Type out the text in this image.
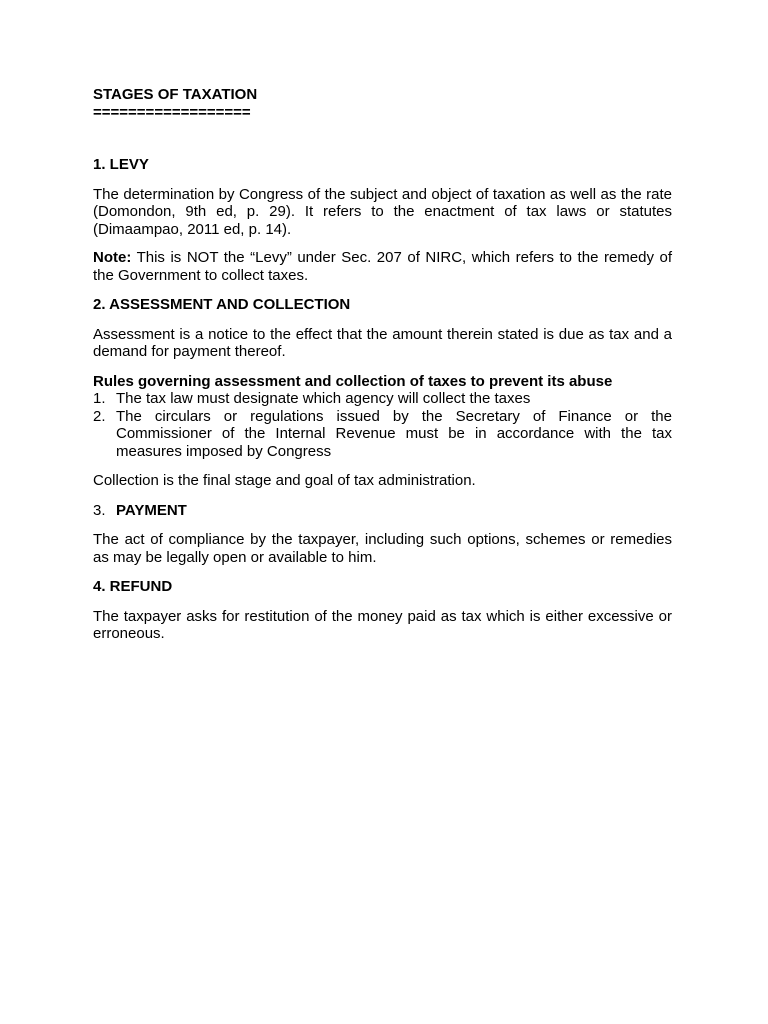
STAGES OF TAXATION

==================

1. LEVY

The determination by Congress of the subject and object of taxation as well as the rate (Domondon, 9th ed, p. 29). It refers to the enactment of tax laws or statutes (Dimaampao, 2011 ed, p. 14).

Note: This is NOT the “Levy” under Sec. 207 of NIRC, which refers to the remedy of the Government to collect taxes.

2. ASSESSMENT AND COLLECTION

Assessment is a notice to the effect that the amount therein stated is due as tax and a demand for payment thereof.

Rules governing assessment and collection of taxes to prevent its abuse

1. The tax law must designate which agency will collect the taxes
2. The circulars or regulations issued by the Secretary of Finance or the Commissioner of the Internal Revenue must be in accordance with the tax measures imposed by Congress

Collection is the final stage and goal of tax administration.

3. PAYMENT

The act of compliance by the taxpayer, including such options, schemes or remedies as may be legally open or available to him.

4. REFUND

The taxpayer asks for restitution of the money paid as tax which is either excessive or erroneous.
